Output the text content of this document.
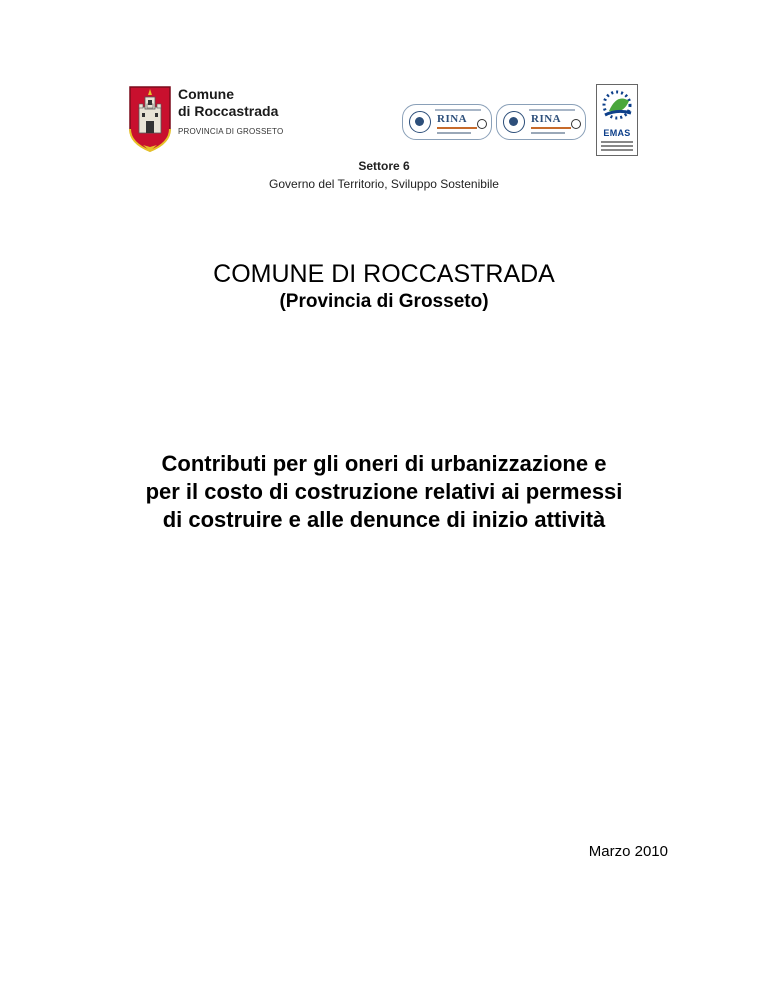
Comune
di Roccastrada
PROVINCIA DI GROSSETO
RINA	RINA
EMAS
Settore 6
Governo del Territorio, Sviluppo Sostenibile
COMUNE DI ROCCASTRADA
(Provincia di Grosseto)
Contributi per gli oneri di urbanizzazione e
per il costo di costruzione relativi ai permessi
di costruire e alle denunce di inizio attività
Marzo 2010
